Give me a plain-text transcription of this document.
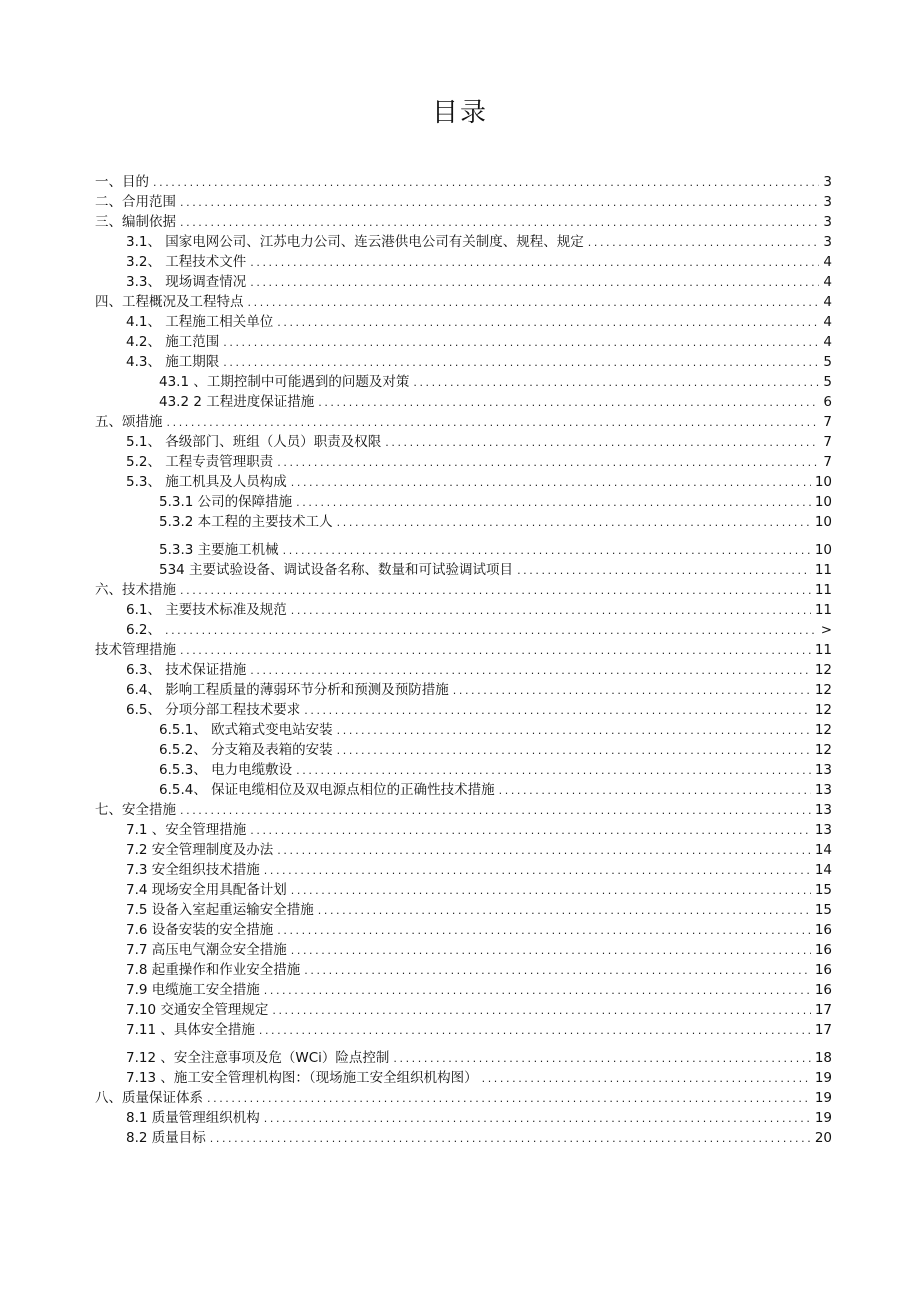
目录
一、目的 .....	3
二、合用范围 .....	3
三、编制依据 .....	3
3.1、 国家电网公司、江苏电力公司、连云港供电公司有关制度、规程、规定 .....	3
3.2、 工程技术文件 .....	4
3.3、 现场调查情况 .....	4
四、工程概况及工程特点 .....	4
4.1、 工程施工相关单位 .....	4
4.2、 施工范围 .....	4
4.3、 施工期限 .....	5
43.1 、工期控制中可能遇到的问题及对策 .....	5
43.2 2 工程进度保证措施 .....	6
五、颂措施 .....	7
5.1、 各级部门、班组（人员）职责及权限 .....	7
5.2、 工程专责管理职责 .....	7
5.3、 施工机具及人员构成 .....	10
5.3.1 公司的保障措施 .....	10
5.3.2 本工程的主要技术工人 .....	10
5.3.3 主要施工机械 .....	10
534 主要试验设备、调试设备名称、数量和可试验调试项目 .....	11
六、技术措施 .....	11
6.1、 主要技术标准及规范 .....	11
6.2、 .....	>
技术管理措施 .....	11
6.3、 技术保证措施 .....	12
6.4、 影响工程质量的薄弱环节分析和预测及预防措施 .....	12
6.5、 分项分部工程技术要求 .....	12
6.5.1、 欧式箱式变电站安装 .....	12
6.5.2、 分支箱及表箱的安装 .....	12
6.5.3、 电力电缆敷设 .....	13
6.5.4、 保证电缆相位及双电源点相位的正确性技术措施 .....	13
七、安全措施 .....	13
7.1 、安全管理措施 .....	13
7.2 安全管理制度及办法 .....	14
7.3 安全组织技术措施 .....	14
7.4 现场安全用具配备计划 .....	15
7.5 设备入室起重运输安全措施 .....	15
7.6 设备安装的安全措施 .....	16
7.7 高压电气潮佥安全措施 .....	16
7.8 起重操作和作业安全措施 .....	16
7.9 电缆施工安全措施 .....	16
7.10 交通安全管理规定 .....	17
7.11 、具体安全措施 .....	17
7.12 、安全注意事项及危（WCi）险点控制 .....	18
7.13 、施工安全管理机构图：（现场施工安全组织机构图） .....	19
八、质量保证体系 .....	19
8.1 质量管理组织机构 .....	19
8.2 质量目标 .....	20
